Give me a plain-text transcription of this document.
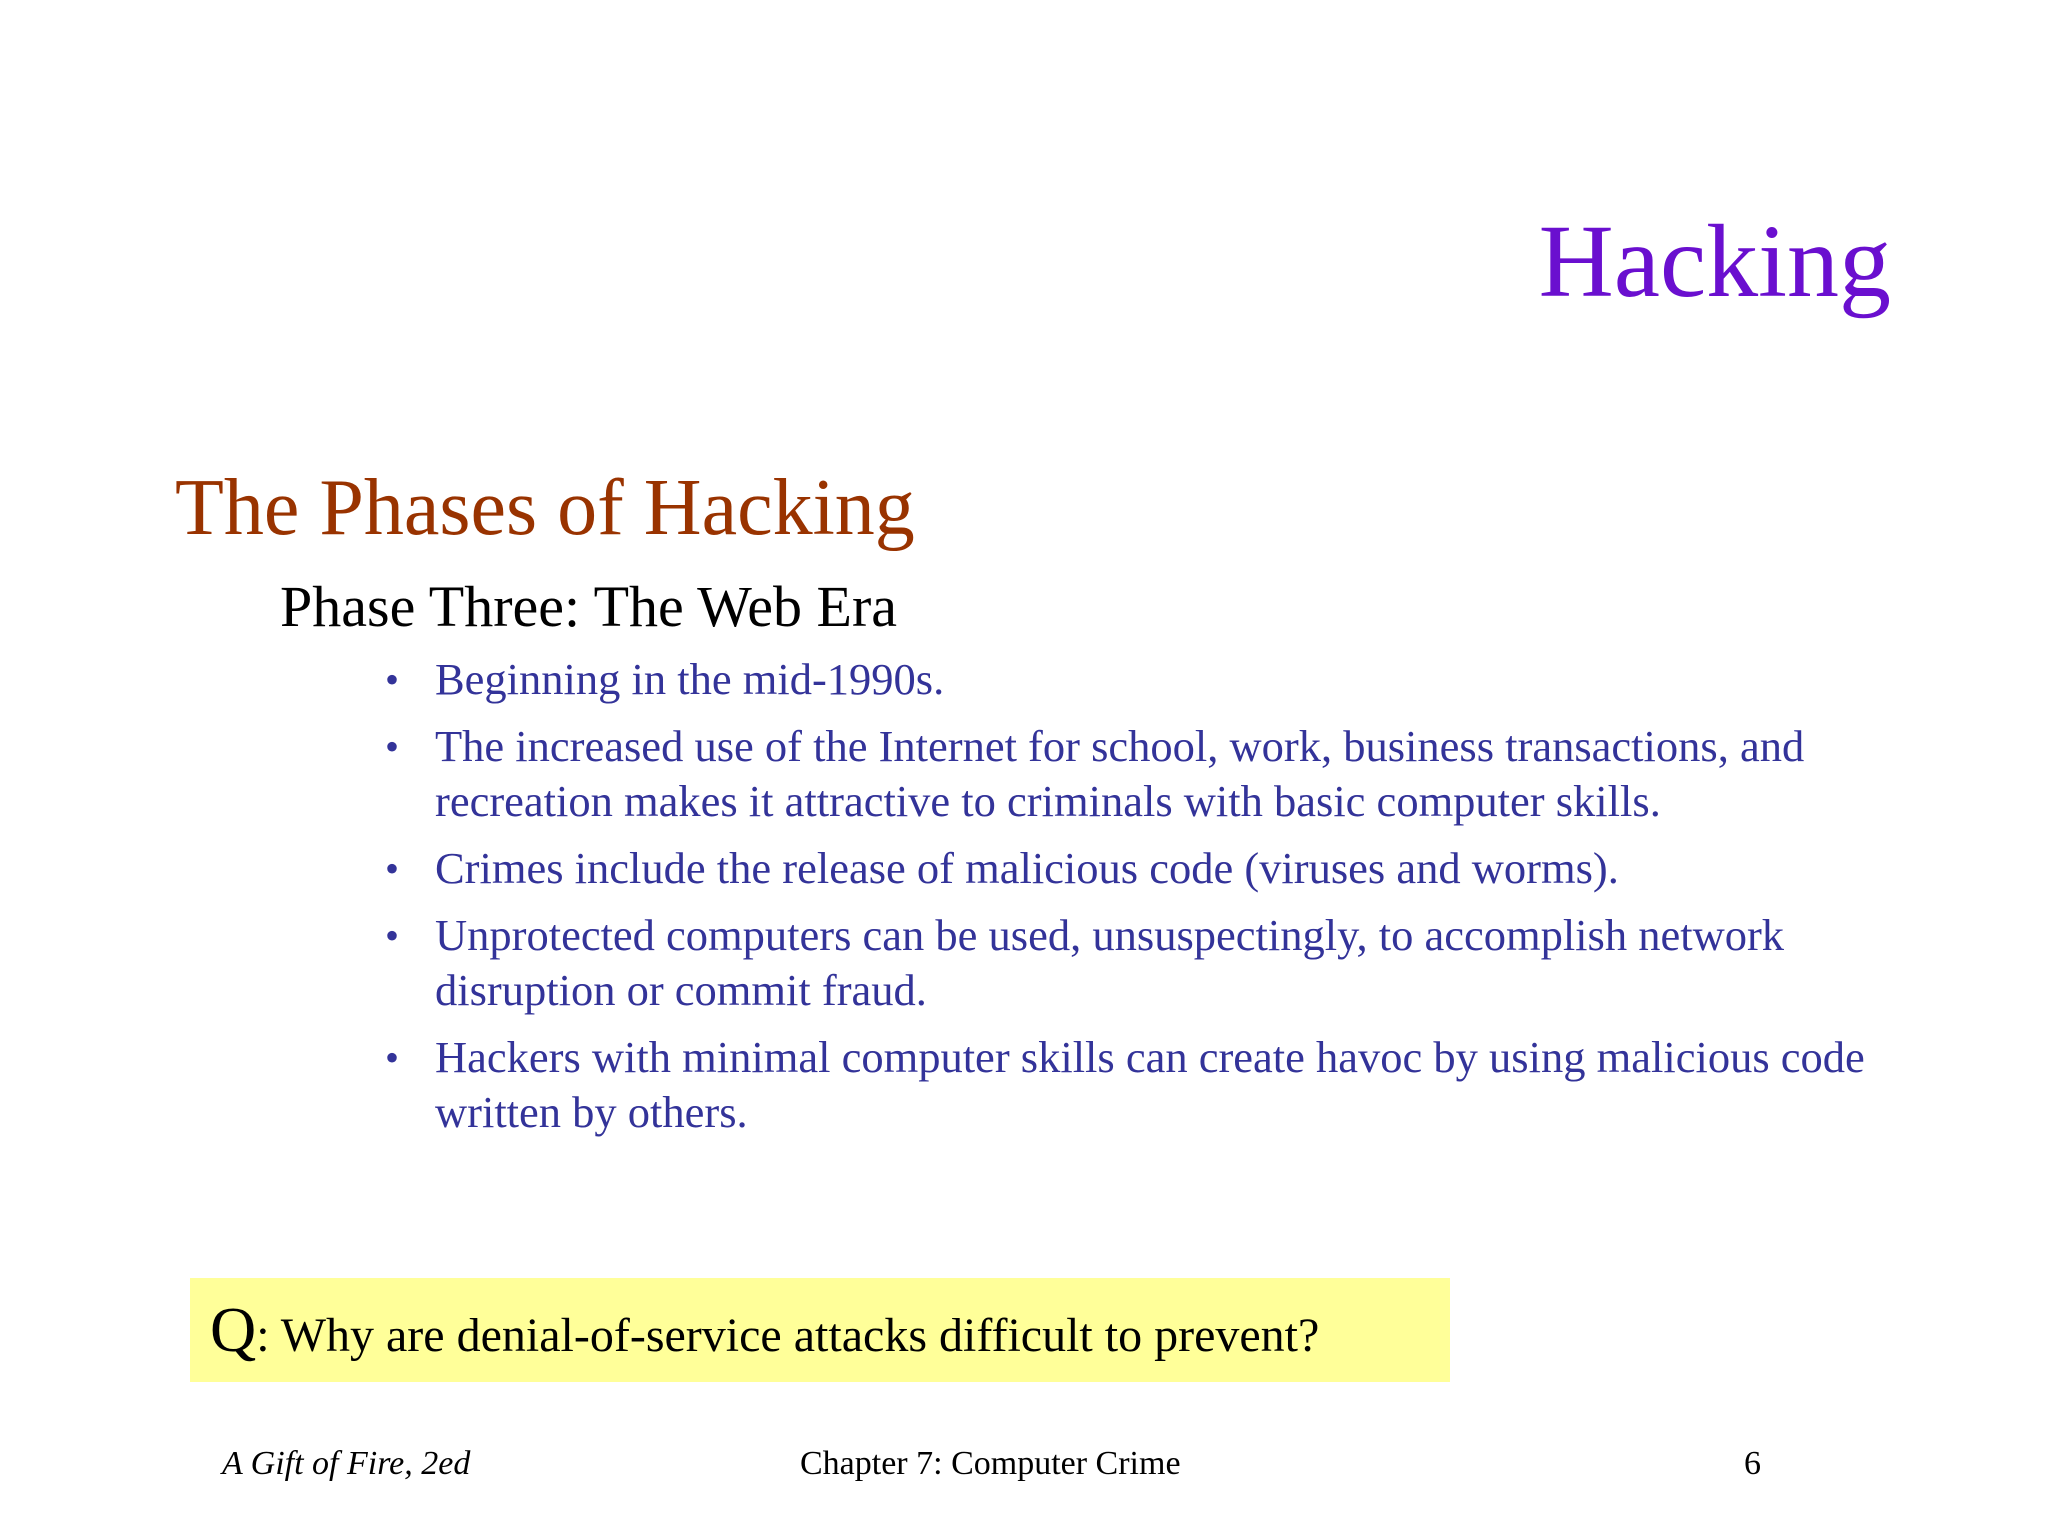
Hacking
The Phases of Hacking
Phase Three: The Web Era
• Beginning in the mid-1990s.
• The increased use of the Internet for school, work, business transactions, and recreation makes it attractive to criminals with basic computer skills.
• Crimes include the release of malicious code (viruses and worms).
• Unprotected computers can be used, unsuspectingly, to accomplish network disruption or commit fraud.
• Hackers with minimal computer skills can create havoc by using malicious code written by others.
Q: Why are denial-of-service attacks difficult to prevent?
A Gift of Fire, 2ed	Chapter 7: Computer Crime	6
